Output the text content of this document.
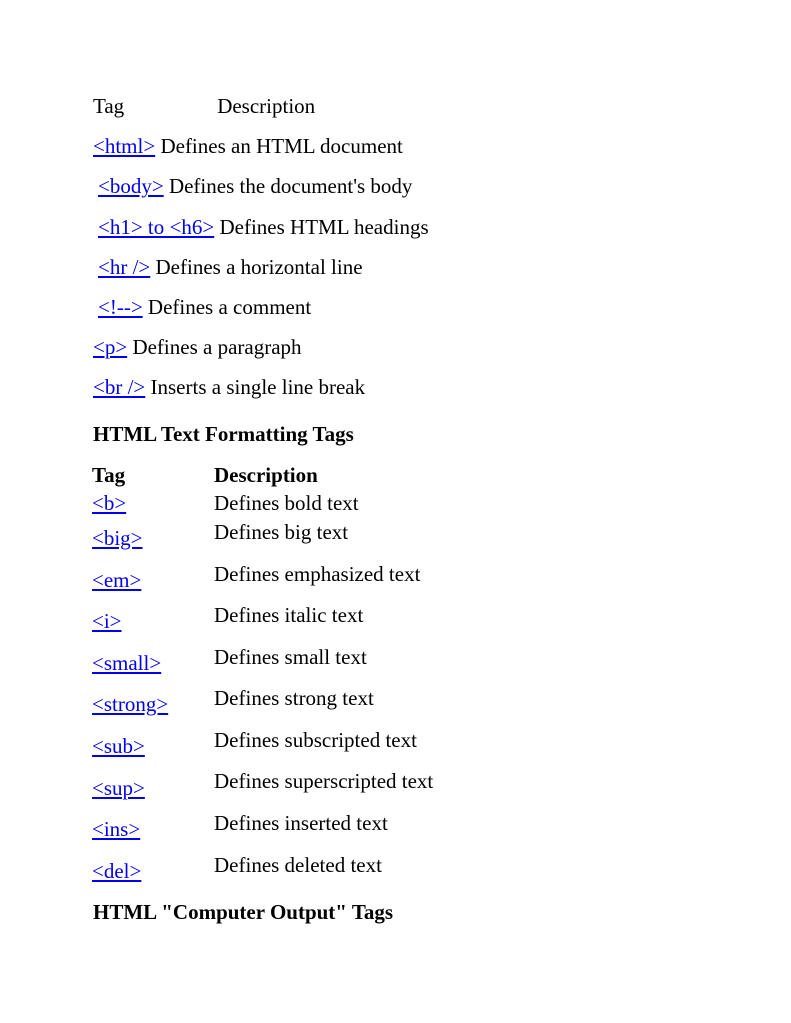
Tag	Description
<html> Defines an HTML document
<body> Defines the document's body
<h1> to <h6> Defines HTML headings
<hr /> Defines a horizontal line
<!--> Defines a comment
<p> Defines a paragraph
<br /> Inserts a single line break
HTML Text Formatting Tags
Tag	Description
<b>	Defines bold text
<big>	Defines big text
<em>	Defines emphasized text
<i>	Defines italic text
<small>	Defines small text
<strong> Defines strong text
<sub>	Defines subscripted text
<sup>	Defines superscripted text
<ins>	Defines inserted text
<del>	Defines deleted text
HTML "Computer Output" Tags
